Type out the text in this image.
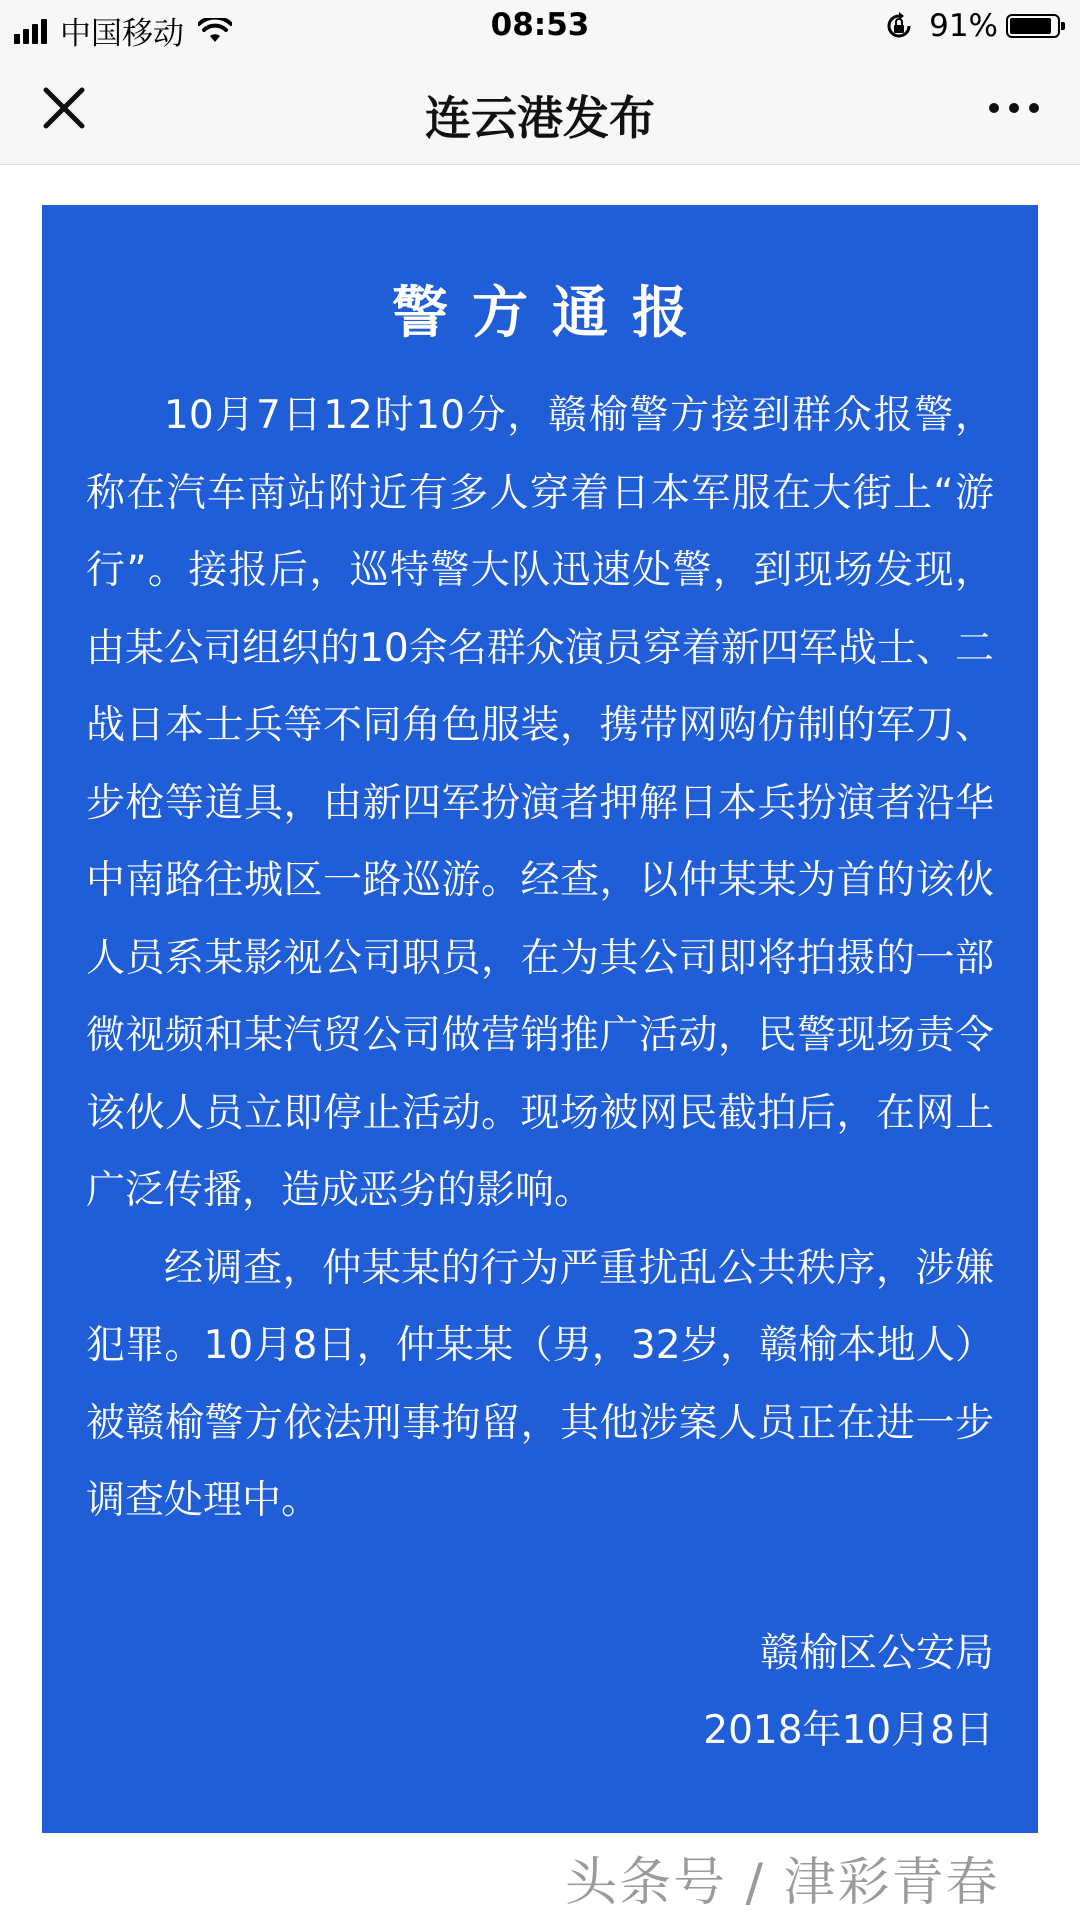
中国移动	08:53	91%
连云港发布
警方通报

10月7日12时10分，赣榆警方接到群众报警，称在汽车南站附近有多人穿着日本军服在大街上“游行”。接报后，巡特警大队迅速处警，到现场发现，由某公司组织的10余名群众演员穿着新四军战士、二战日本士兵等不同角色服装，携带网购仿制的军刀、步枪等道具，由新四军扮演者押解日本兵扮演者沿华中南路往城区一路巡游。经查，以仲某某为首的该伙人员系某影视公司职员，在为其公司即将拍摄的一部微视频和某汽贸公司做营销推广活动，民警现场责令该伙人员立即停止活动。现场被网民截拍后，在网上广泛传播，造成恶劣的影响。

经调查，仲某某的行为严重扰乱公共秩序，涉嫌犯罪。10月8日，仲某某（男，32岁，赣榆本地人）被赣榆警方依法刑事拘留，其他涉案人员正在进一步调查处理中。

赣榆区公安局
2018年10月8日
头条号 / 津彩青春
